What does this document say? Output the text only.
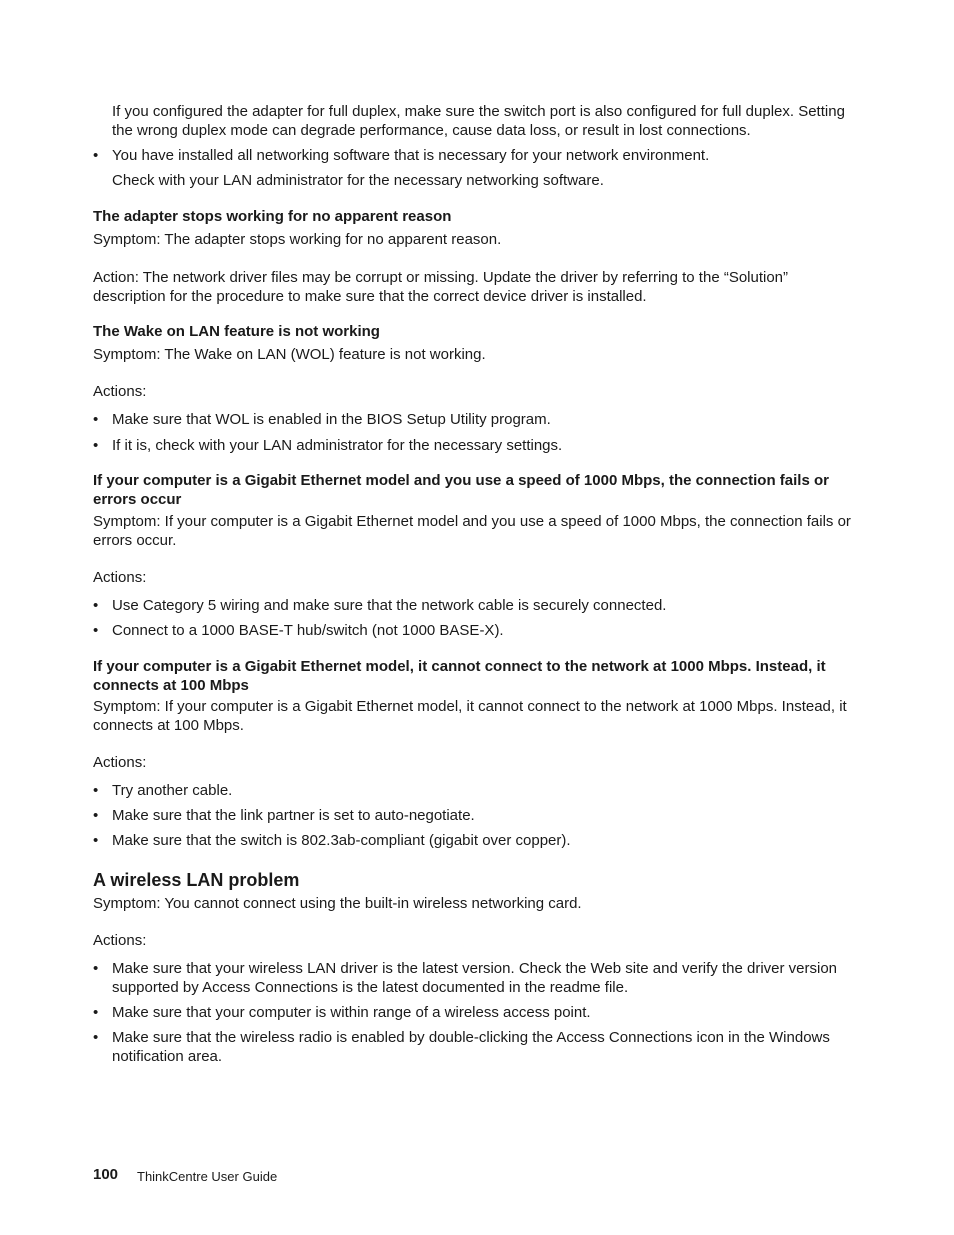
If you configured the adapter for full duplex, make sure the switch port is also configured for full duplex. Setting the wrong duplex mode can degrade performance, cause data loss, or result in lost connections.

• You have installed all networking software that is necessary for your network environment.

Check with your LAN administrator for the necessary networking software.

The adapter stops working for no apparent reason

Symptom: The adapter stops working for no apparent reason.

Action: The network driver files may be corrupt or missing. Update the driver by referring to the “Solution” description for the procedure to make sure that the correct device driver is installed.

The Wake on LAN feature is not working

Symptom: The Wake on LAN (WOL) feature is not working.

Actions:

• Make sure that WOL is enabled in the BIOS Setup Utility program.
• If it is, check with your LAN administrator for the necessary settings.

If your computer is a Gigabit Ethernet model and you use a speed of 1000 Mbps, the connection fails or errors occur

Symptom: If your computer is a Gigabit Ethernet model and you use a speed of 1000 Mbps, the connection fails or errors occur.

Actions:

• Use Category 5 wiring and make sure that the network cable is securely connected.
• Connect to a 1000 BASE-T hub/switch (not 1000 BASE-X).

If your computer is a Gigabit Ethernet model, it cannot connect to the network at 1000 Mbps. Instead, it connects at 100 Mbps

Symptom: If your computer is a Gigabit Ethernet model, it cannot connect to the network at 1000 Mbps. Instead, it connects at 100 Mbps.

Actions:

• Try another cable.
• Make sure that the link partner is set to auto-negotiate.
• Make sure that the switch is 802.3ab-compliant (gigabit over copper).

A wireless LAN problem

Symptom: You cannot connect using the built-in wireless networking card.

Actions:

• Make sure that your wireless LAN driver is the latest version. Check the Web site and verify the driver version supported by Access Connections is the latest documented in the readme file.
• Make sure that your computer is within range of a wireless access point.
• Make sure that the wireless radio is enabled by double-clicking the Access Connections icon in the Windows notification area.
100 ThinkCentre User Guide
